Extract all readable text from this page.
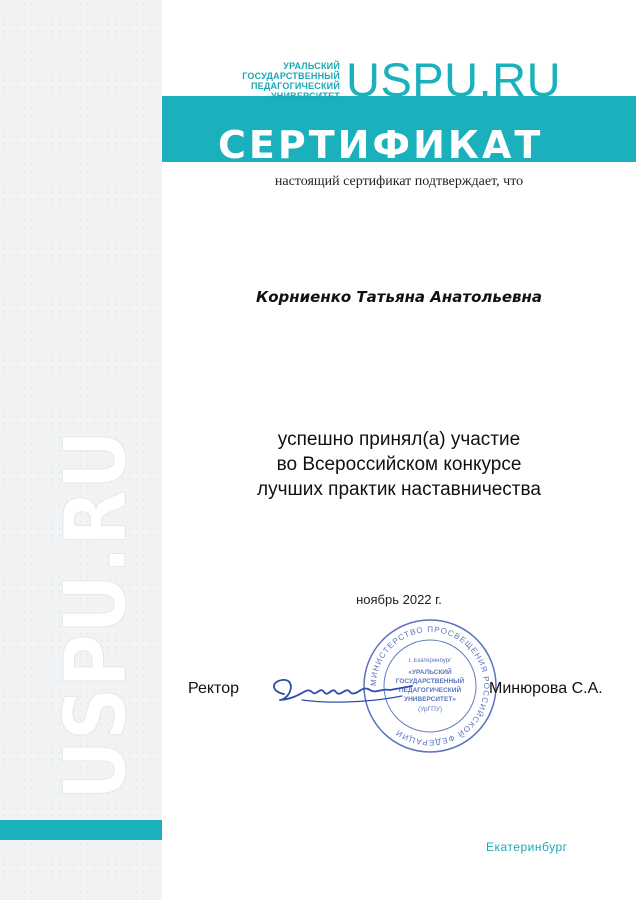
USPU.RU
УРАЛЬСКИЙ
ГОСУДАРСТВЕННЫЙ
ПЕДАГОГИЧЕСКИЙ
УНИВЕРСИТЕТ USPU.RU
СЕРТИФИКАТ
настоящий сертификат подтверждает, что
Корниенко Татьяна Анатольевна
успешно принял(а) участие
во Всероссийском конкурсе
лучших практик наставничества
ноябрь 2022 г.
МИНИСТЕРСТВО ПРОСВЕЩЕНИЯ РОССИЙСКОЙ ФЕДЕРАЦИИ
г. Екатеринбург
«УРАЛЬСКИЙ
ГОСУДАРСТВЕННЫЙ
ПЕДАГОГИЧЕСКИЙ
УНИВЕРСИТЕТ»
(УрГПУ)
Ректор	Минюрова С.А.
Екатеринбург
